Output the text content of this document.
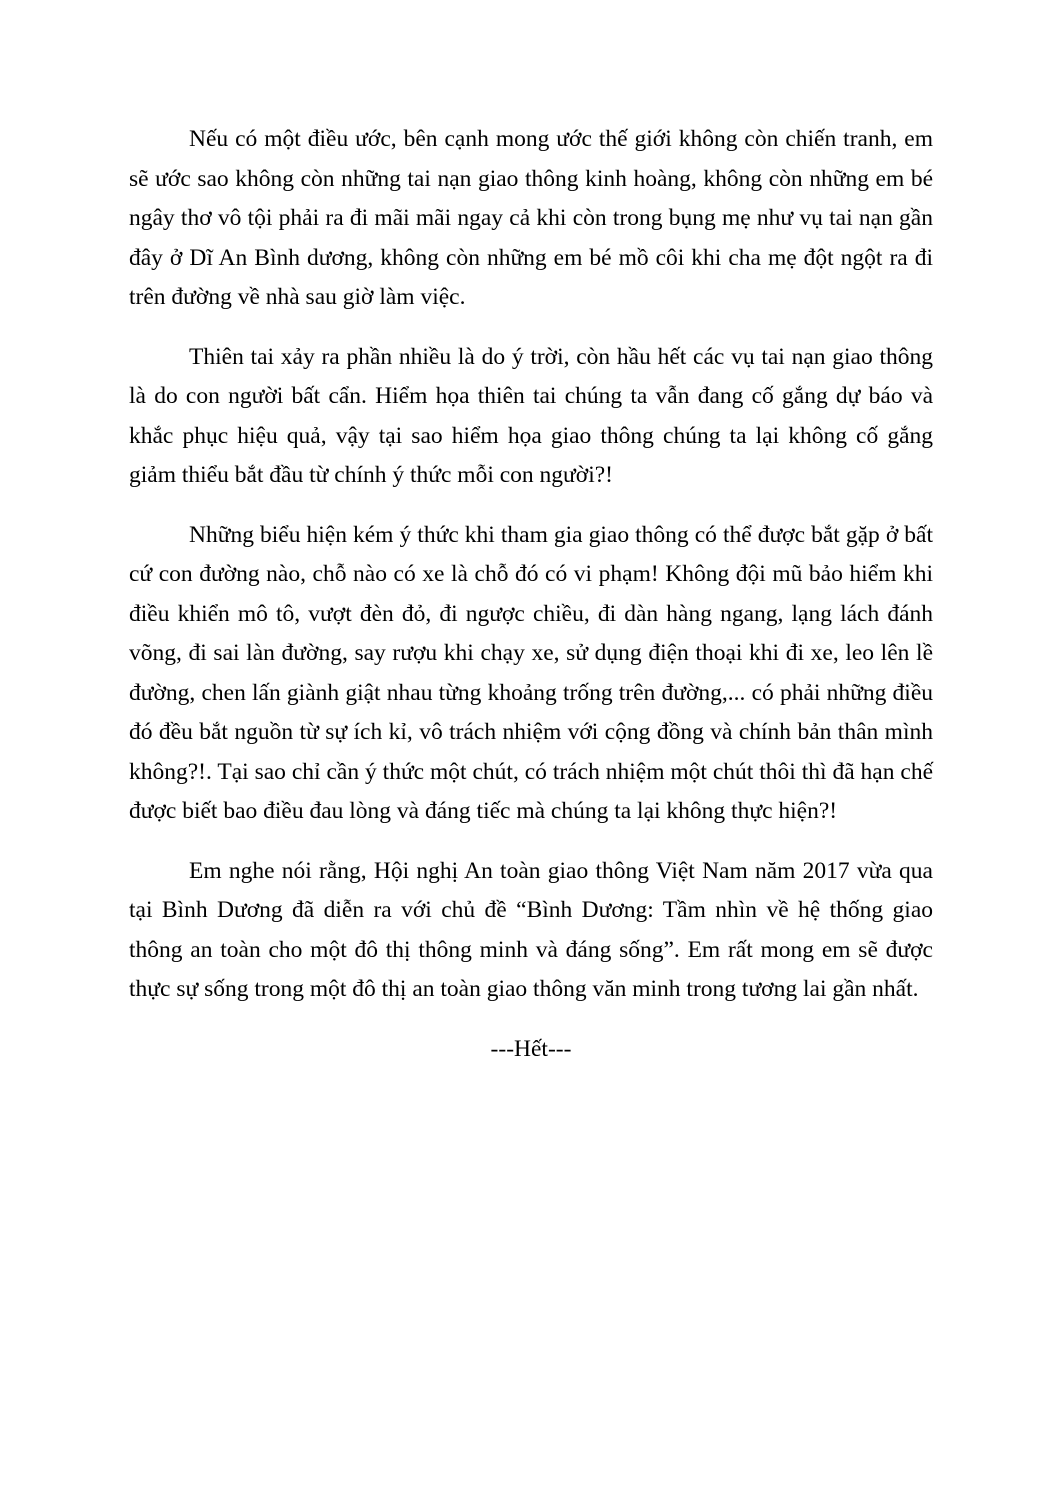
Nếu có một điều ước, bên cạnh mong ước thế giới không còn chiến tranh, em sẽ ước sao không còn những tai nạn giao thông kinh hoàng, không còn những em bé ngây thơ vô tội phải ra đi mãi mãi ngay cả khi còn trong bụng mẹ như vụ tai nạn gần đây ở Dĩ An Bình dương, không còn những em bé mồ côi khi cha mẹ đột ngột ra đi trên đường về nhà sau giờ làm việc.

Thiên tai xảy ra phần nhiều là do ý trời, còn hầu hết các vụ tai nạn giao thông là do con người bất cẩn. Hiểm họa thiên tai chúng ta vẫn đang cố gắng dự báo và khắc phục hiệu quả, vậy tại sao hiểm họa giao thông chúng ta lại không cố gắng giảm thiểu bắt đầu từ chính ý thức mỗi con người?!

Những biểu hiện kém ý thức khi tham gia giao thông có thể được bắt gặp ở bất cứ con đường nào, chỗ nào có xe là chỗ đó có vi phạm! Không đội mũ bảo hiểm khi điều khiển mô tô, vượt đèn đỏ, đi ngược chiều, đi dàn hàng ngang, lạng lách đánh võng, đi sai làn đường, say rượu khi chạy xe, sử dụng điện thoại khi đi xe, leo lên lề đường, chen lấn giành giật nhau từng khoảng trống trên đường,... có phải những điều đó đều bắt nguồn từ sự ích kỉ, vô trách nhiệm với cộng đồng và chính bản thân mình không?!. Tại sao chỉ cần ý thức một chút, có trách nhiệm một chút thôi thì đã hạn chế được biết bao điều đau lòng và đáng tiếc mà chúng ta lại không thực hiện?!

Em nghe nói rằng, Hội nghị An toàn giao thông Việt Nam năm 2017 vừa qua tại Bình Dương đã diễn ra với chủ đề “Bình Dương: Tầm nhìn về hệ thống giao thông an toàn cho một đô thị thông minh và đáng sống”. Em rất mong em sẽ được thực sự sống trong một đô thị an toàn giao thông văn minh trong tương lai gần nhất.

---Hết---
